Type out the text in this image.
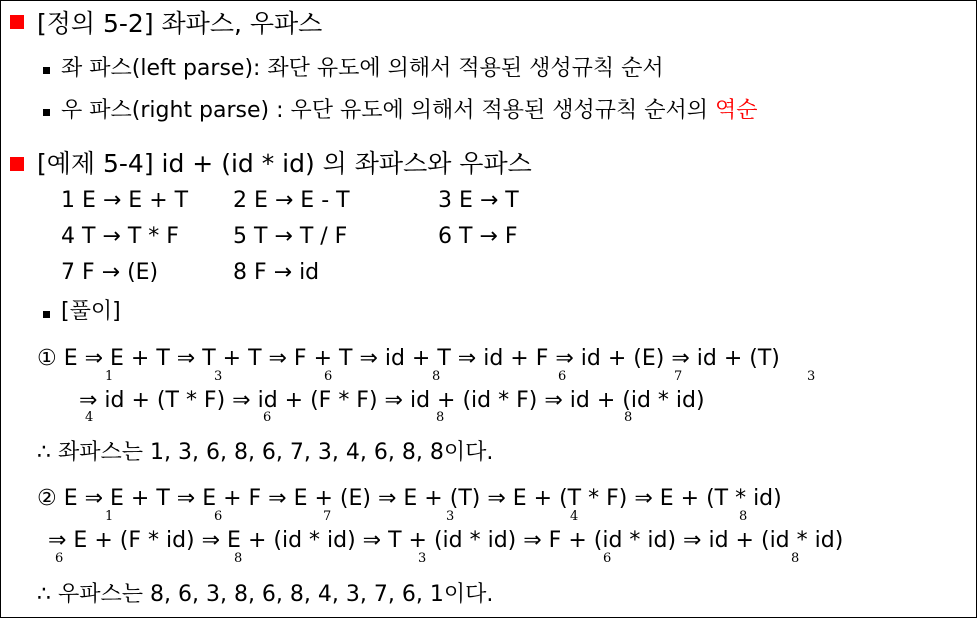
[정의 5-2] 좌파스, 우파스
좌 파스(left parse): 좌단 유도에 의해서 적용된 생성규칙 순서
우 파스(right parse) : 우단 유도에 의해서 적용된 생성규칙 순서의 역순
[예제 5-4] id + (id * id) 의 좌파스와 우파스
1 E → E + T 2 E → E - T	3 E → T
4 T → T * F 5 T → T / F	6 T → F
7 F → (E)	8 F → id
[풀이]
① E ⇒ E + T ⇒ T + T ⇒ F + T ⇒ id + T ⇒ id + F ⇒ id + (E) ⇒ id + (T)
1	3	6	8	6	7	3
⇒ id + (T * F) ⇒ id + (F * F) ⇒ id + (id * F) ⇒ id + (id * id)
4	6	8	8
∴ 좌파스는 1, 3, 6, 8, 6, 7, 3, 4, 6, 8, 8이다.
② E ⇒ E + T ⇒ E + F ⇒ E + (E) ⇒ E + (T) ⇒ E + (T * F) ⇒ E + (T * id)
1	6	7	3	4	8
⇒ E + (F * id) ⇒ E + (id * id) ⇒ T + (id * id) ⇒ F + (id * id) ⇒ id + (id * id)
6	8	3	6	8
∴ 우파스는 8, 6, 3, 8, 6, 8, 4, 3, 7, 6, 1이다.
